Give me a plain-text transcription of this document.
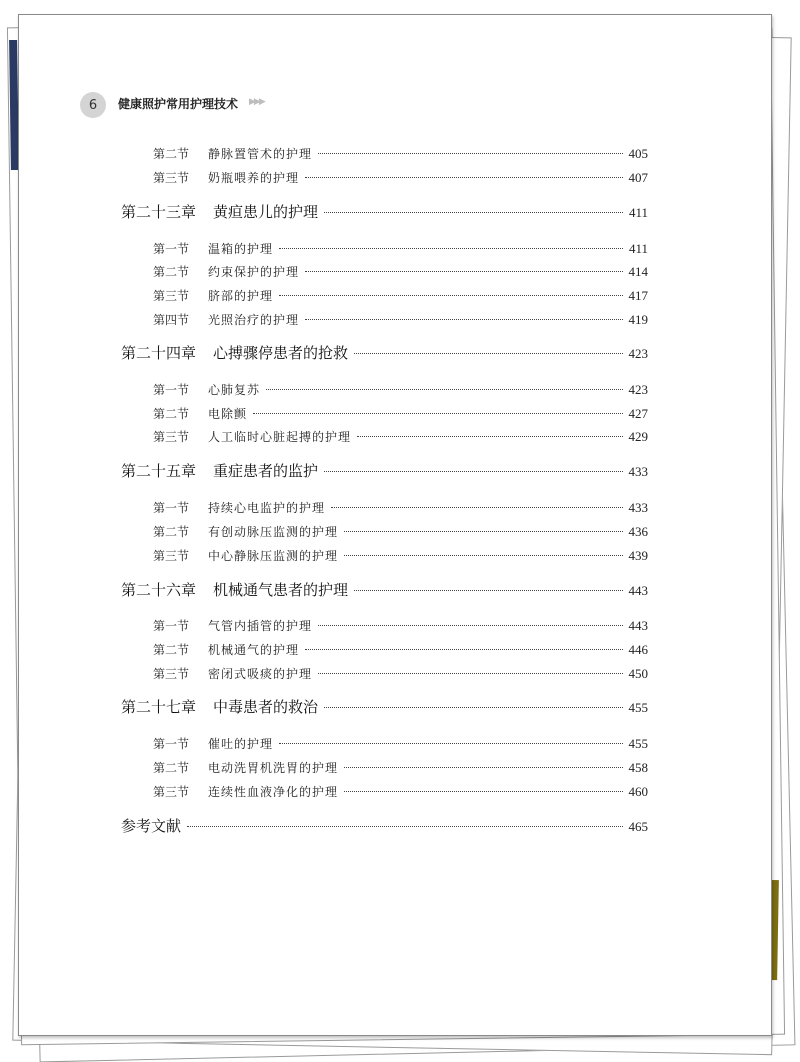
6 健康照护常用护理技术 ▶▶▶
第二节	静脉置管术的护理	405
第三节	奶瓶喂养的护理	407
第二十三章 黄疸患儿的护理	411
第一节	温箱的护理	411
第二节	约束保护的护理	414
第三节	脐部的护理	417
第四节	光照治疗的护理	419
第二十四章 心搏骤停患者的抢救	423
第一节	心肺复苏	423
第二节	电除颤	427
第三节	人工临时心脏起搏的护理	429
第二十五章 重症患者的监护	433
第一节	持续心电监护的护理	433
第二节	有创动脉压监测的护理	436
第三节	中心静脉压监测的护理	439
第二十六章 机械通气患者的护理	443
第一节	气管内插管的护理	443
第二节	机械通气的护理	446
第三节	密闭式吸痰的护理	450
第二十七章 中毒患者的救治	455
第一节	催吐的护理	455
第二节	电动洗胃机洗胃的护理	458
第三节	连续性血液净化的护理	460
参考文献	465
